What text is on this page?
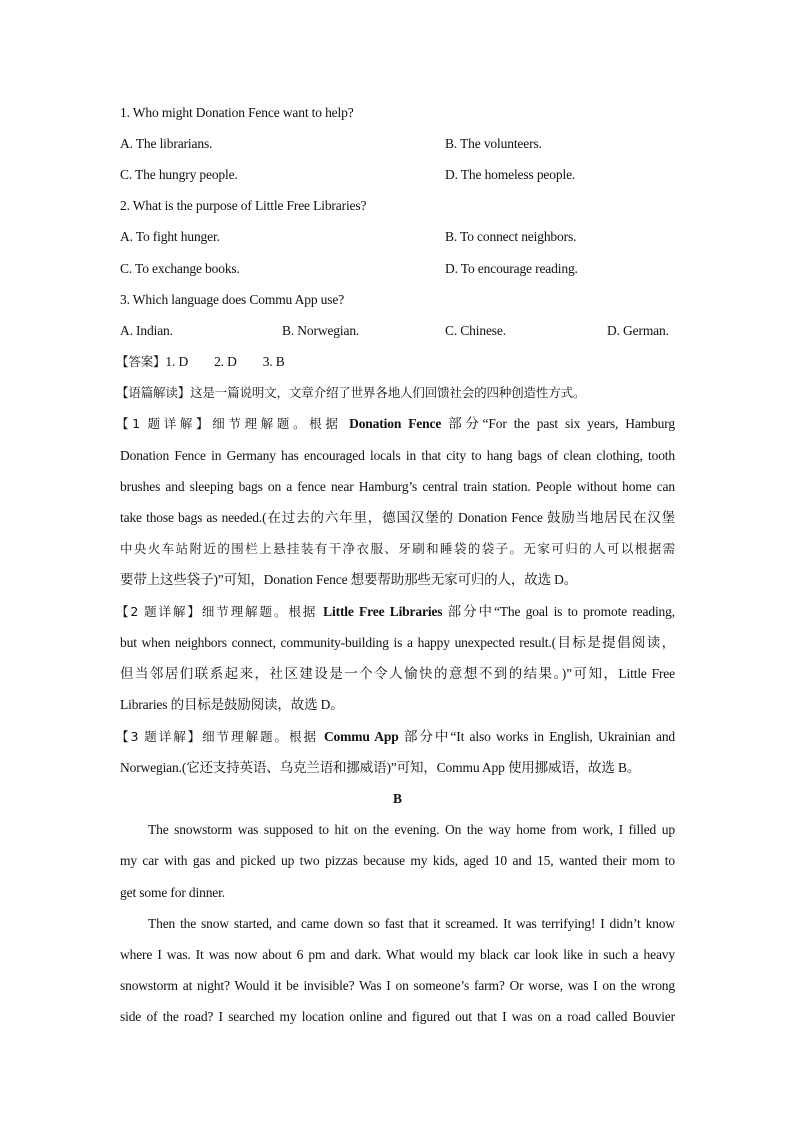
1. Who might Donation Fence want to help?
A. The librarians.	B. The volunteers.
C. The hungry people.	D. The homeless people.
2. What is the purpose of Little Free Libraries?
A. To fight hunger.	B. To connect neighbors.
C. To exchange books.	D. To encourage reading.
3. Which language does Commu App use?
A. Indian.	B. Norwegian.	C. Chinese.	D. German.
【答案】1. D 2. D 3. B
【语篇解读】这是一篇说明文，文章介绍了世界各地人们回馈社会的四种创造性方式。
【1 题详解】细节理解题。根据 Donation Fence 部分“For the past six years, Hamburg
Donation Fence in Germany has encouraged locals in that city to hang bags of clean clothing, tooth
brushes and sleeping bags on a fence near Hamburg’s central train station. People without home can
take those bags as needed.(在过去的六年里，德国汉堡的 Donation Fence 鼓励当地居民在汉堡
中央火车站附近的围栏上悬挂装有干净衣服、牙刷和睡袋的袋子。无家可归的人可以根据需
要带上这些袋子)”可知，Donation Fence 想要帮助那些无家可归的人，故选 D。
【2 题详解】细节理解题。根据 Little Free Libraries 部分中“The goal is to promote reading,
but when neighbors connect, community-building is a happy unexpected result.(目标是提倡阅读，
但当邻居们联系起来，社区建设是一个令人愉快的意想不到的结果。)”可知，Little Free
Libraries 的目标是鼓励阅读，故选 D。
【3 题详解】细节理解题。根据 Commu App 部分中“It also works in English, Ukrainian and
Norwegian.(它还支持英语、乌克兰语和挪威语)”可知，Commu App 使用挪威语，故选 B。
B
The snowstorm was supposed to hit on the evening. On the way home from work, I filled up
my car with gas and picked up two pizzas because my kids, aged 10 and 15, wanted their mom to
get some for dinner.
Then the snow started, and came down so fast that it screamed. It was terrifying! I didn’t know
where I was. It was now about 6 pm and dark. What would my black car look like in such a heavy
snowstorm at night? Would it be invisible? Was I on someone’s farm? Or worse, was I on the wrong
side of the road? I searched my location online and figured out that I was on a road called Bouvier
